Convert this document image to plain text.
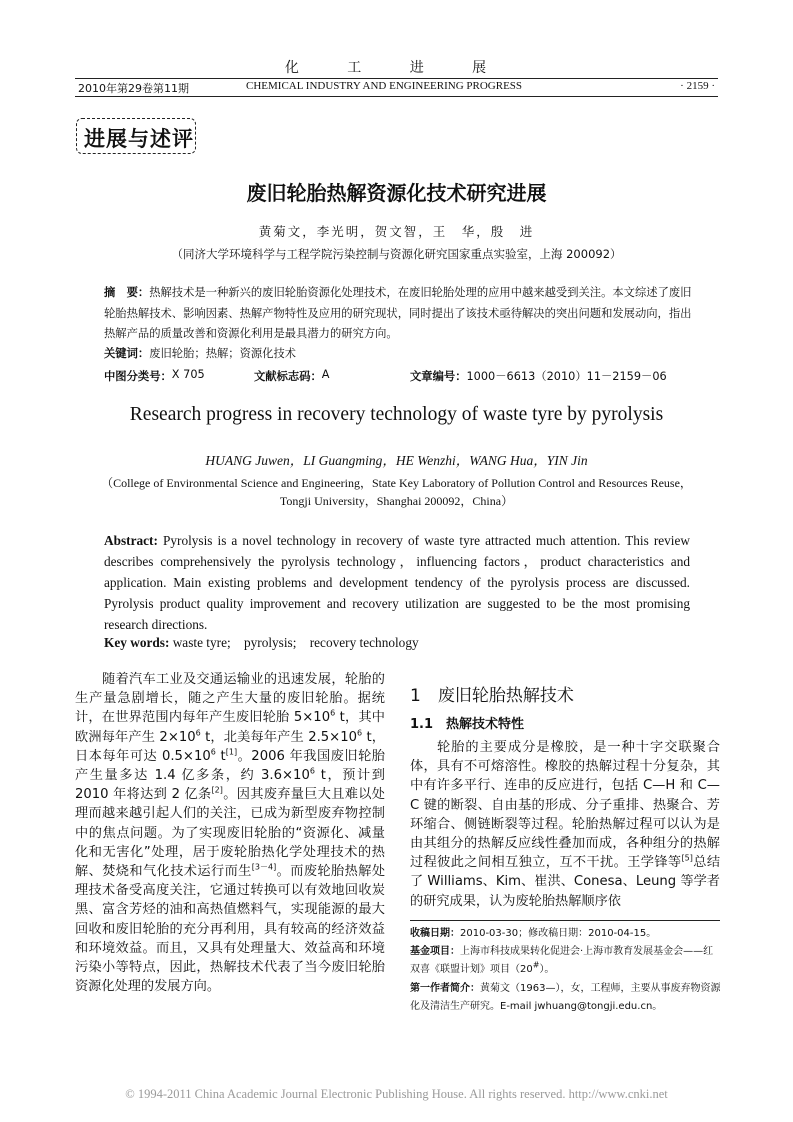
化 工 进 展
2010年第29卷第11期	CHEMICAL INDUSTRY AND ENGINEERING PROGRESS	· 2159 ·
进展与述评
废旧轮胎热解资源化技术研究进展
黄菊文，李光明，贺文智，王　华，殷　进
（同济大学环境科学与工程学院污染控制与资源化研究国家重点实验室，上海 200092）
摘　要：热解技术是一种新兴的废旧轮胎资源化处理技术，在废旧轮胎处理的应用中越来越受到关注。本文综述了废旧轮胎热解技术、影响因素、热解产物特性及应用的研究现状，同时提出了该技术亟待解决的突出问题和发展动向，指出热解产品的质量改善和资源化利用是最具潜力的研究方向。
关键词：废旧轮胎；热解；资源化技术
中图分类号： X 705	文献标志码： A	文章编号： 1000－6613（2010）11－2159－06
Research progress in recovery technology of waste tyre by pyrolysis
HUANG Juwen，LI Guangming，HE Wenzhi，WANG Hua，YIN Jin
（College of Environmental Science and Engineering，State Key Laboratory of Pollution Control and Resources Reuse，
Tongji University，Shanghai 200092，China）
Abstract: Pyrolysis is a novel technology in recovery of waste tyre attracted much attention. This review describes comprehensively the pyrolysis technology，influencing factors，product characteristics and application. Main existing problems and development tendency of the pyrolysis process are discussed. Pyrolysis product quality improvement and recovery utilization are suggested to be the most promising research directions.
Key words: waste tyre;　pyrolysis;　recovery technology

随着汽车工业及交通运输业的迅速发展，轮胎的生产量急剧增长，随之产生大量的废旧轮胎。据统计，在世界范围内每年产生废旧轮胎 $5\times 10^6$ t，其中欧洲每年产生 $2\times 10^6$ t，北美每年产生 $2.5\times 10^6$ t，日本每年可达 $0.5\times 10^6$ t[1]。2006 年我国废旧轮胎产生量多达 1.4 亿多条，约 $3.6\times 10^6$ t，预计到 2010 年将达到 2 亿条[2]。因其废弃量巨大且难以处理而越来越引起人们的关注，已成为新型废弃物控制中的焦点问题。为了实现废旧轮胎的“资源化、减量化和无害化”处理，居于废轮胎热化学处理技术的热解、焚烧和气化技术运行而生[3－4]。而废轮胎热解处理技术备受高度关注，它通过转换可以有效地回收炭黑、富含芳烃的油和高热值燃料气，实现能源的最大回收和废旧轮胎的充分再利用，具有较高的经济效益和环境效益。而且，又具有处理量大、效益高和环境污染小等特点，因此，热解技术代表了当今废旧轮胎资源化处理的发展方向。

1　废旧轮胎热解技术
1.1　热解技术特性

轮胎的主要成分是橡胶，是一种十字交联聚合体，具有不可熔溶性。橡胶的热解过程十分复杂，其中有许多平行、连串的反应进行，包括 C—H 和 C—C 键的断裂、自由基的形成、分子重排、热聚合、芳环缩合、侧链断裂等过程。轮胎热解过程可以认为是由其组分的热解反应线性叠加而成，各种组分的热解过程彼此之间相互独立，互不干扰。王学锋等[5]总结了 Williams、Kim、崔洪、Conesa、Leung 等学者的研究成果，认为废轮胎热解顺序依

收稿日期：2010-03-30；修改稿日期：2010-04-15。
基金项目：上海市科技成果转化促进会·上海市教育发展基金会——红双喜《联盟计划》项目（20#）。
第一作者简介：黄菊文（1963—），女，工程师，主要从事废弃物资源化及清洁生产研究。E-mail jwhuang@tongji.edu.cn。
© 1994-2011 China Academic Journal Electronic Publishing House. All rights reserved. http://www.cnki.net
